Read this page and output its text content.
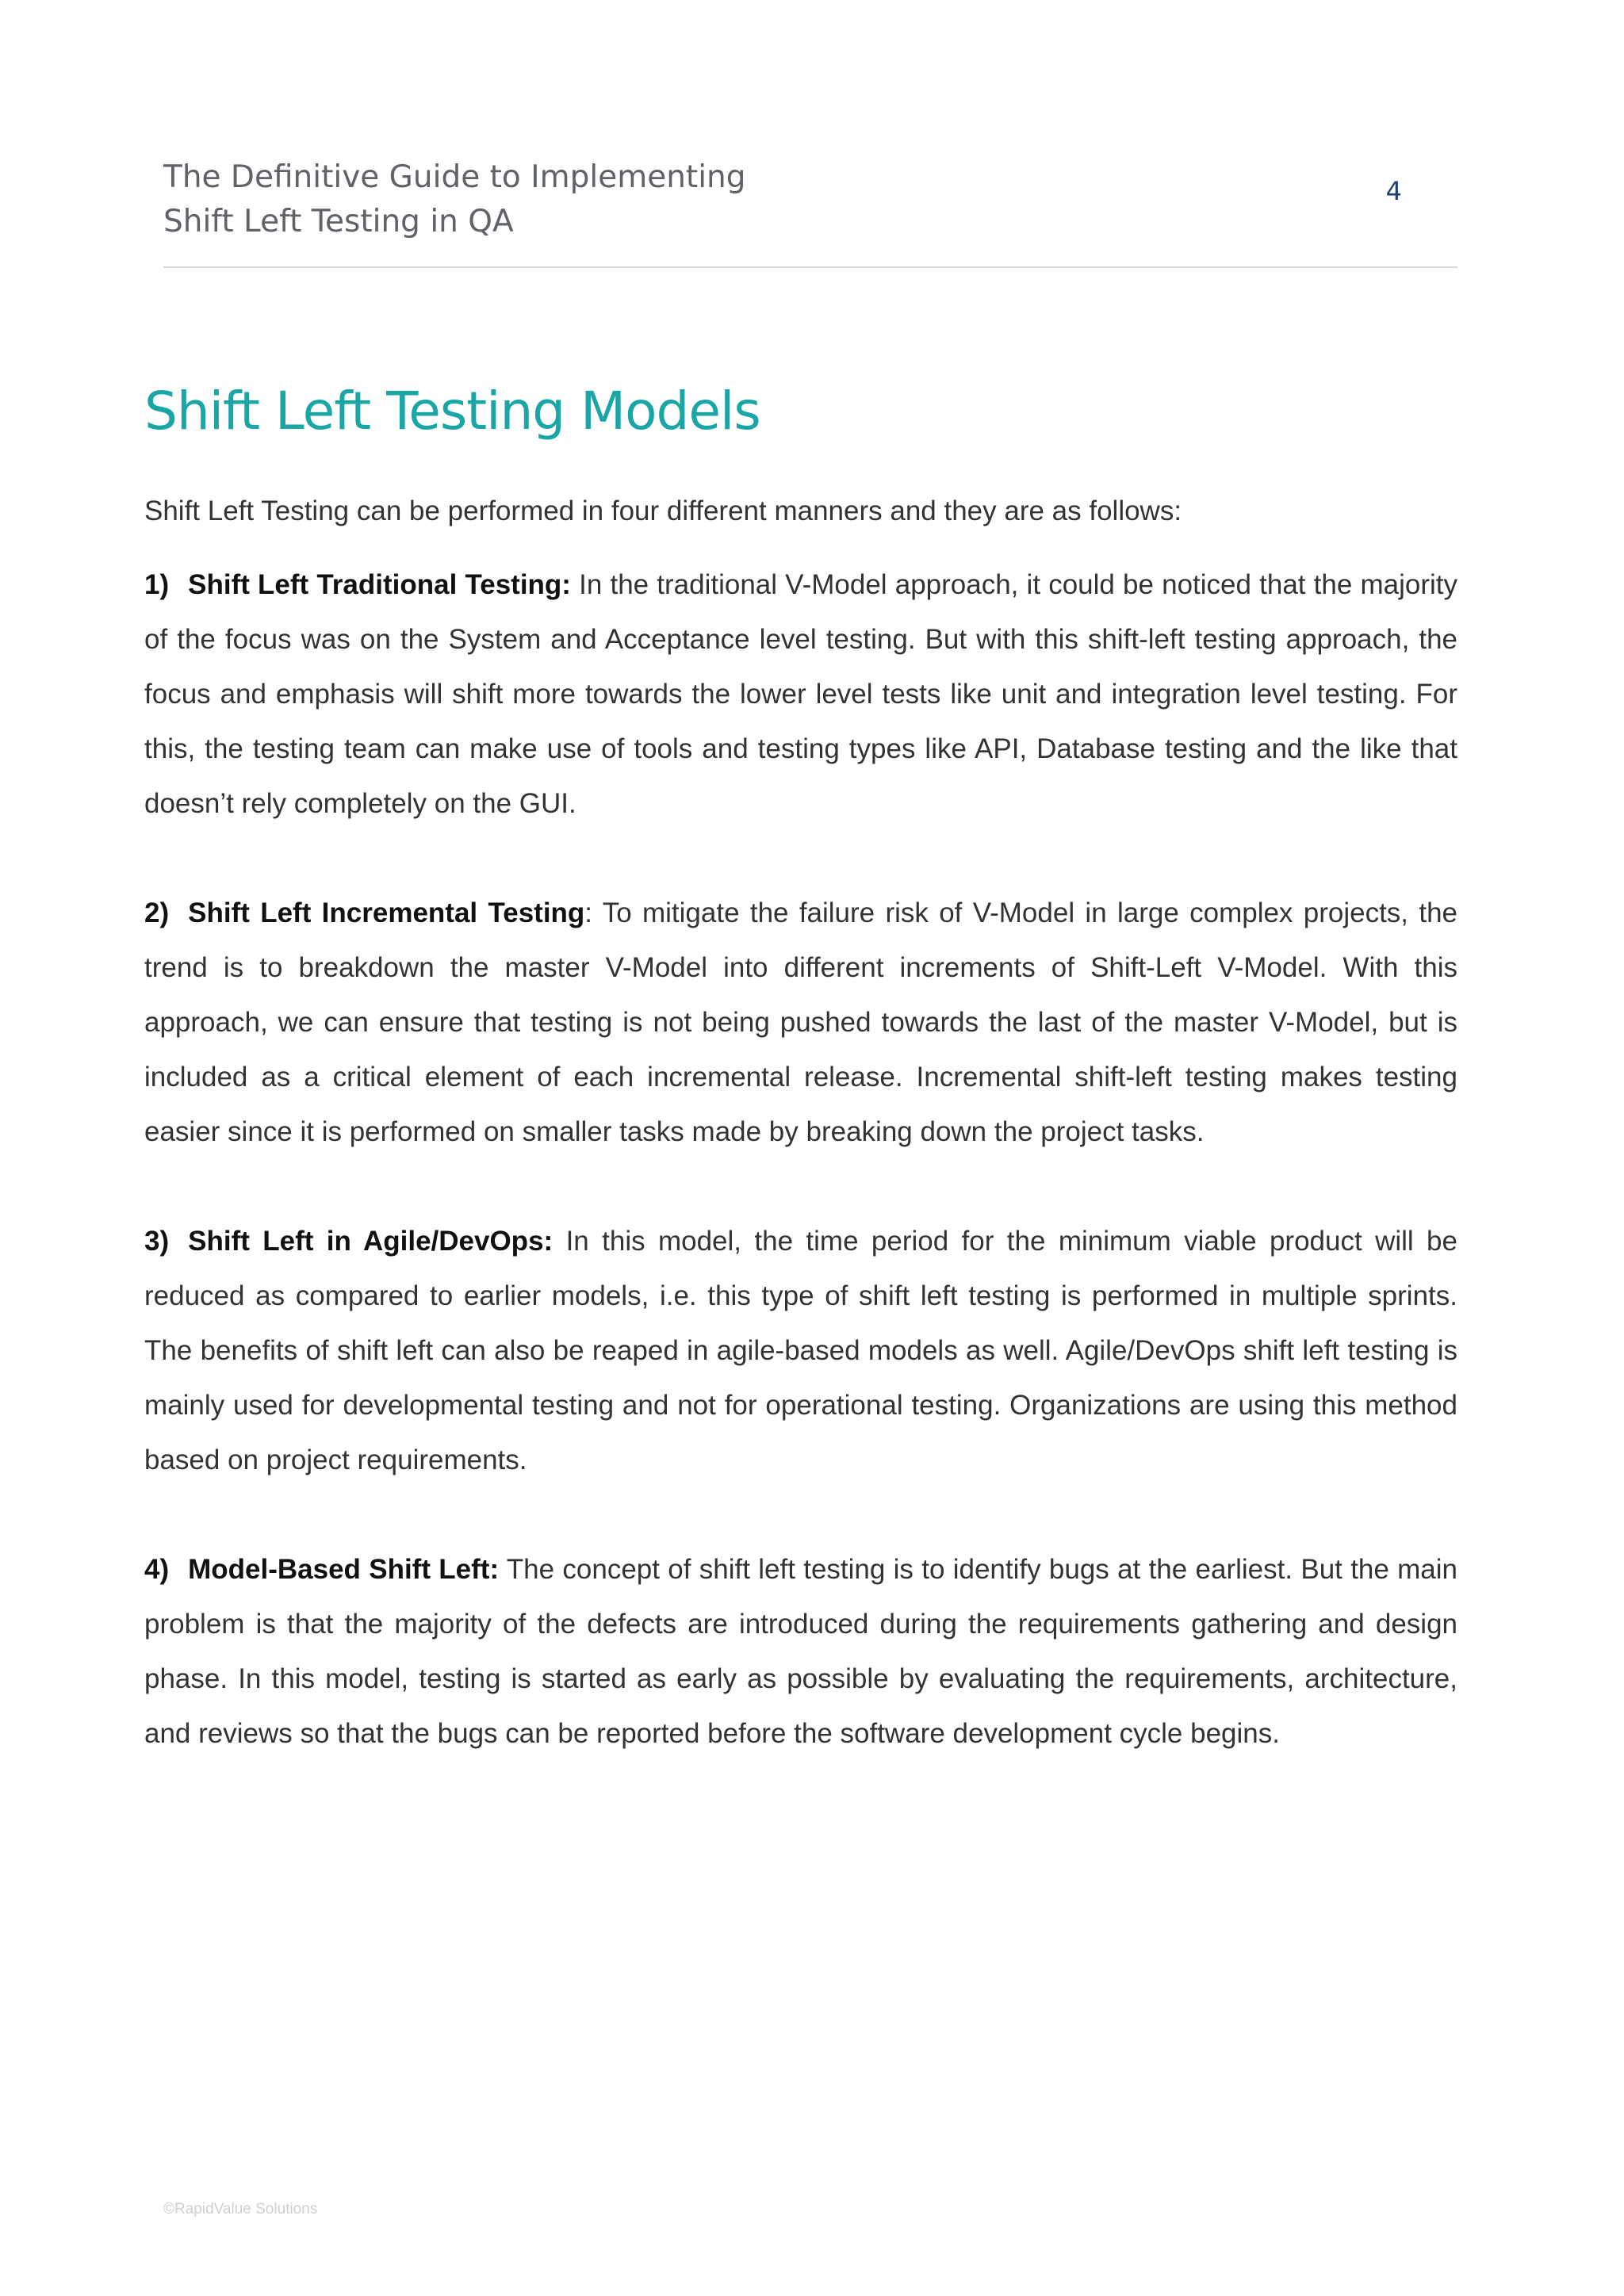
The Definitive Guide to Implementing
Shift Left Testing in QA
4
Shift Left Testing Models

Shift Left Testing can be performed in four different manners and they are as follows:

1) Shift Left Traditional Testing: In the traditional V-Model approach, it could be noticed that the majority of the focus was on the System and Acceptance level testing. But with this shift-left testing approach, the focus and emphasis will shift more towards the lower level tests like unit and integration level testing. For this, the testing team can make use of tools and testing types like API, Database testing and the like that doesn’t rely completely on the GUI.

2) Shift Left Incremental Testing: To mitigate the failure risk of V-Model in large complex projects, the trend is to breakdown the master V-Model into different increments of Shift-Left V-Model. With this approach, we can ensure that testing is not being pushed towards the last of the master V-Model, but is included as a critical element of each incremental release. Incremental shift-left testing makes testing easier since it is performed on smaller tasks made by breaking down the project tasks.

3) Shift Left in Agile/DevOps: In this model, the time period for the minimum viable product will be reduced as compared to earlier models, i.e. this type of shift left testing is performed in multiple sprints. The benefits of shift left can also be reaped in agile-based models as well. Agile/DevOps shift left testing is mainly used for developmental testing and not for operational testing. Organizations are using this method based on project requirements.

4) Model-Based Shift Left: The concept of shift left testing is to identify bugs at the earliest. But the main problem is that the majority of the defects are introduced during the requirements gathering and design phase. In this model, testing is started as early as possible by evaluating the requirements, architecture, and reviews so that the bugs can be reported before the software development cycle begins.

©RapidValue Solutions
